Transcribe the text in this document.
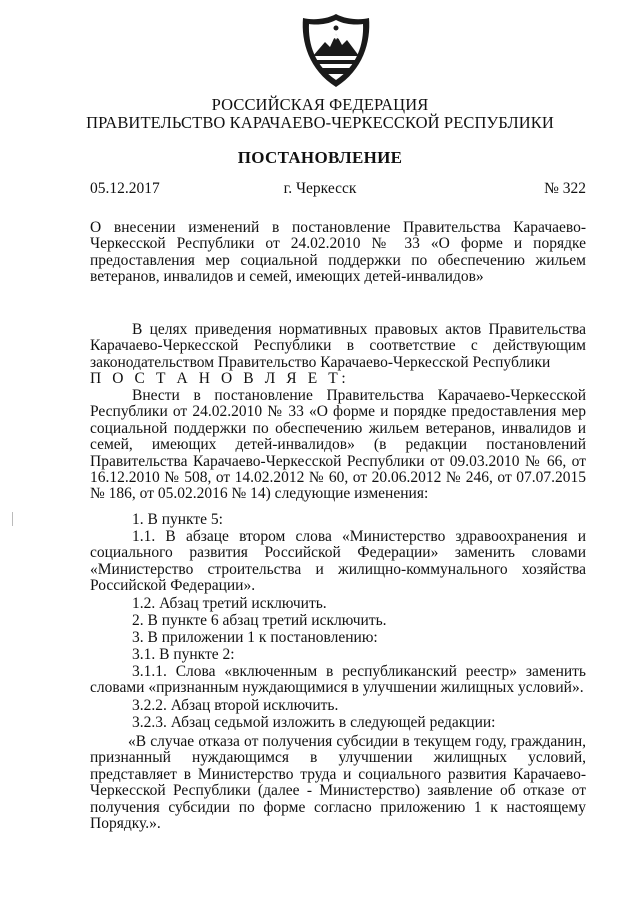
РОССИЙСКАЯ ФЕДЕРАЦИЯ
ПРАВИТЕЛЬСТВО КАРАЧАЕВО-ЧЕРКЕССКОЙ РЕСПУБЛИКИ
ПОСТАНОВЛЕНИЕ
05.12.2017	г. Черкесск	№ 322
О внесении изменений в постановление Правительства Карачаево-Черкесской Республики от 24.02.2010 № 33 «О форме и порядке предоставления мер социальной поддержки по обеспечению жильем ветеранов, инвалидов и семей, имеющих детей-инвалидов»
В целях приведения нормативных правовых актов Правительства Карачаево-Черкесской Республики в соответствие с действующим законодательством Правительство Карачаево-Черкесской Республики
П О С Т А Н О В Л Я Е Т:
Внести в постановление Правительства Карачаево-Черкесской Республики от 24.02.2010 № 33 «О форме и порядке предоставления мер социальной поддержки по обеспечению жильем ветеранов, инвалидов и семей, имеющих детей-инвалидов» (в редакции постановлений Правительства Карачаево-Черкесской Республики от 09.03.2010 № 66, от 16.12.2010 № 508, от 14.02.2012 № 60, от 20.06.2012 № 246, от 07.07.2015 № 186, от 05.02.2016 № 14) следующие изменения:
1. В пункте 5:
1.1. В абзаце втором слова «Министерство здравоохранения и социального развития Российской Федерации» заменить словами «Министерство строительства и жилищно-коммунального хозяйства Российской Федерации».
1.2. Абзац третий исключить.
2. В пункте 6 абзац третий исключить.
3. В приложении 1 к постановлению:
3.1. В пункте 2:
3.1.1. Слова «включенным в республиканский реестр» заменить словами «признанным нуждающимися в улучшении жилищных условий».
3.2.2. Абзац второй исключить.
3.2.3. Абзац седьмой изложить в следующей редакции:
«В случае отказа от получения субсидии в текущем году, гражданин, признанный нуждающимся в улучшении жилищных условий, представляет в Министерство труда и социального развития Карачаево-Черкесской Республики (далее - Министерство) заявление об отказе от получения субсидии по форме согласно приложению 1 к настоящему Порядку.».
